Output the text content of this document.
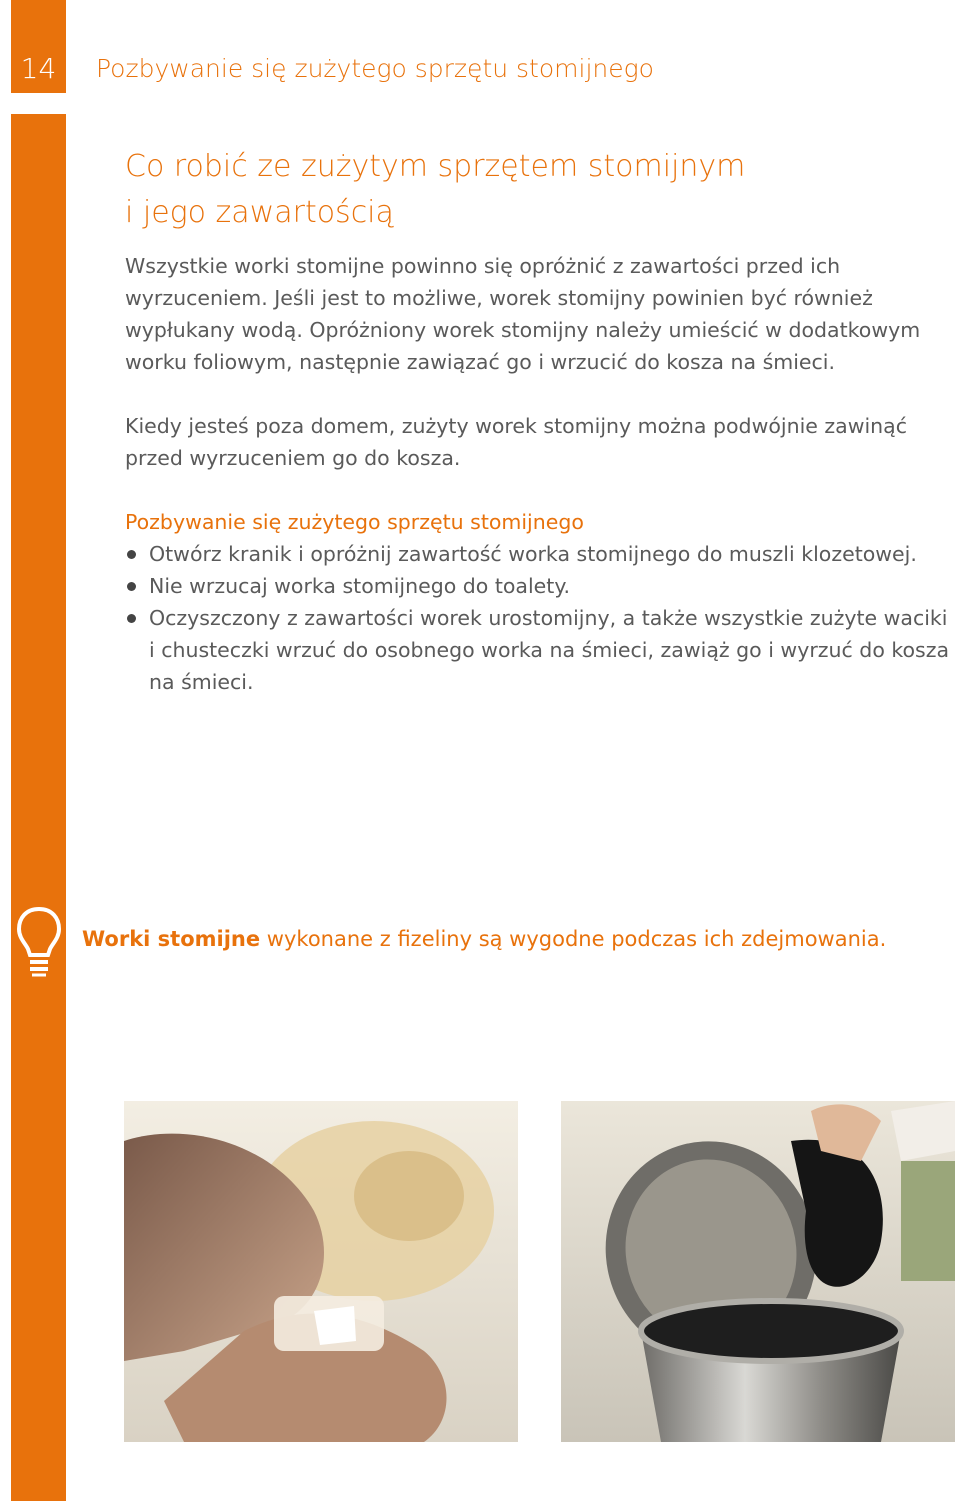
14	Pozbywanie się zużytego sprzętu stomijnego
Co robić ze zużytym sprzętem stomijnym
i jego zawartością
Wszystkie worki stomijne powinno się opróżnić z zawartości przed ich wyrzuceniem. Jeśli jest to możliwe, worek stomijny powinien być również wypłukany wodą. Opróżniony worek stomijny należy umieścić w dodatkowym worku foliowym, następnie zawiązać go i wrzucić do kosza na śmieci.
Kiedy jesteś poza domem, zużyty worek stomijny można podwójnie zawinąć przed wyrzuceniem go do kosza.
Pozbywanie się zużytego sprzętu stomijnego
Otwórz kranik i opróżnij zawartość worka stomijnego do muszli klozetowej.
Nie wrzucaj worka stomijnego do toalety.
Oczyszczony z zawartości worek urostomijny, a także wszystkie zużyte waciki i chusteczki wrzuć do osobnego worka na śmieci, zawiąż go i wyrzuć do kosza na śmieci.
Worki stomijne wykonane z fizeliny są wygodne podczas ich zdejmowania.
